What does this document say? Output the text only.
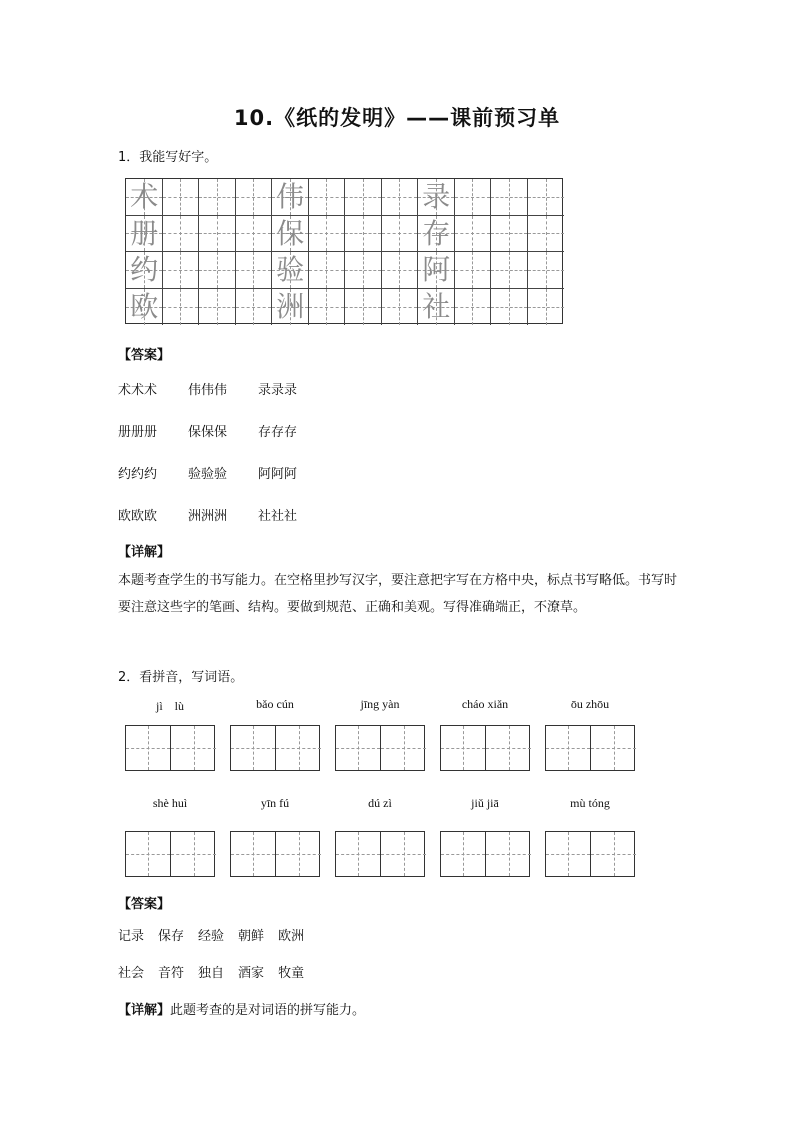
10.《纸的发明》——课前预习单
1．我能写好字。
术	伟	录
册	保	存
约	验	阿
欧	洲	社
【答案】
术术术 伟伟伟 录录录
册册册 保保保 存存存
约约约 验验验 阿阿阿
欧欧欧 洲洲洲 社社社
【详解】
本题考查学生的书写能力。在空格里抄写汉字，要注意把字写在方格中央，标点书写略低。书写时要注意这些字的笔画、结构。要做到规范、正确和美观。写得准确端正，不潦草。
2．看拼音，写词语。
jì　lù	bǎo cún	jīng yàn	cháo xiǎn	ōu zhōu
shè huì	yīn fú	dú zì	jiǔ jiā	mù tóng
【答案】
记录 保存 经验 朝鲜 欧洲
社会 音符 独自 酒家 牧童
【详解】此题考查的是对词语的拼写能力。
